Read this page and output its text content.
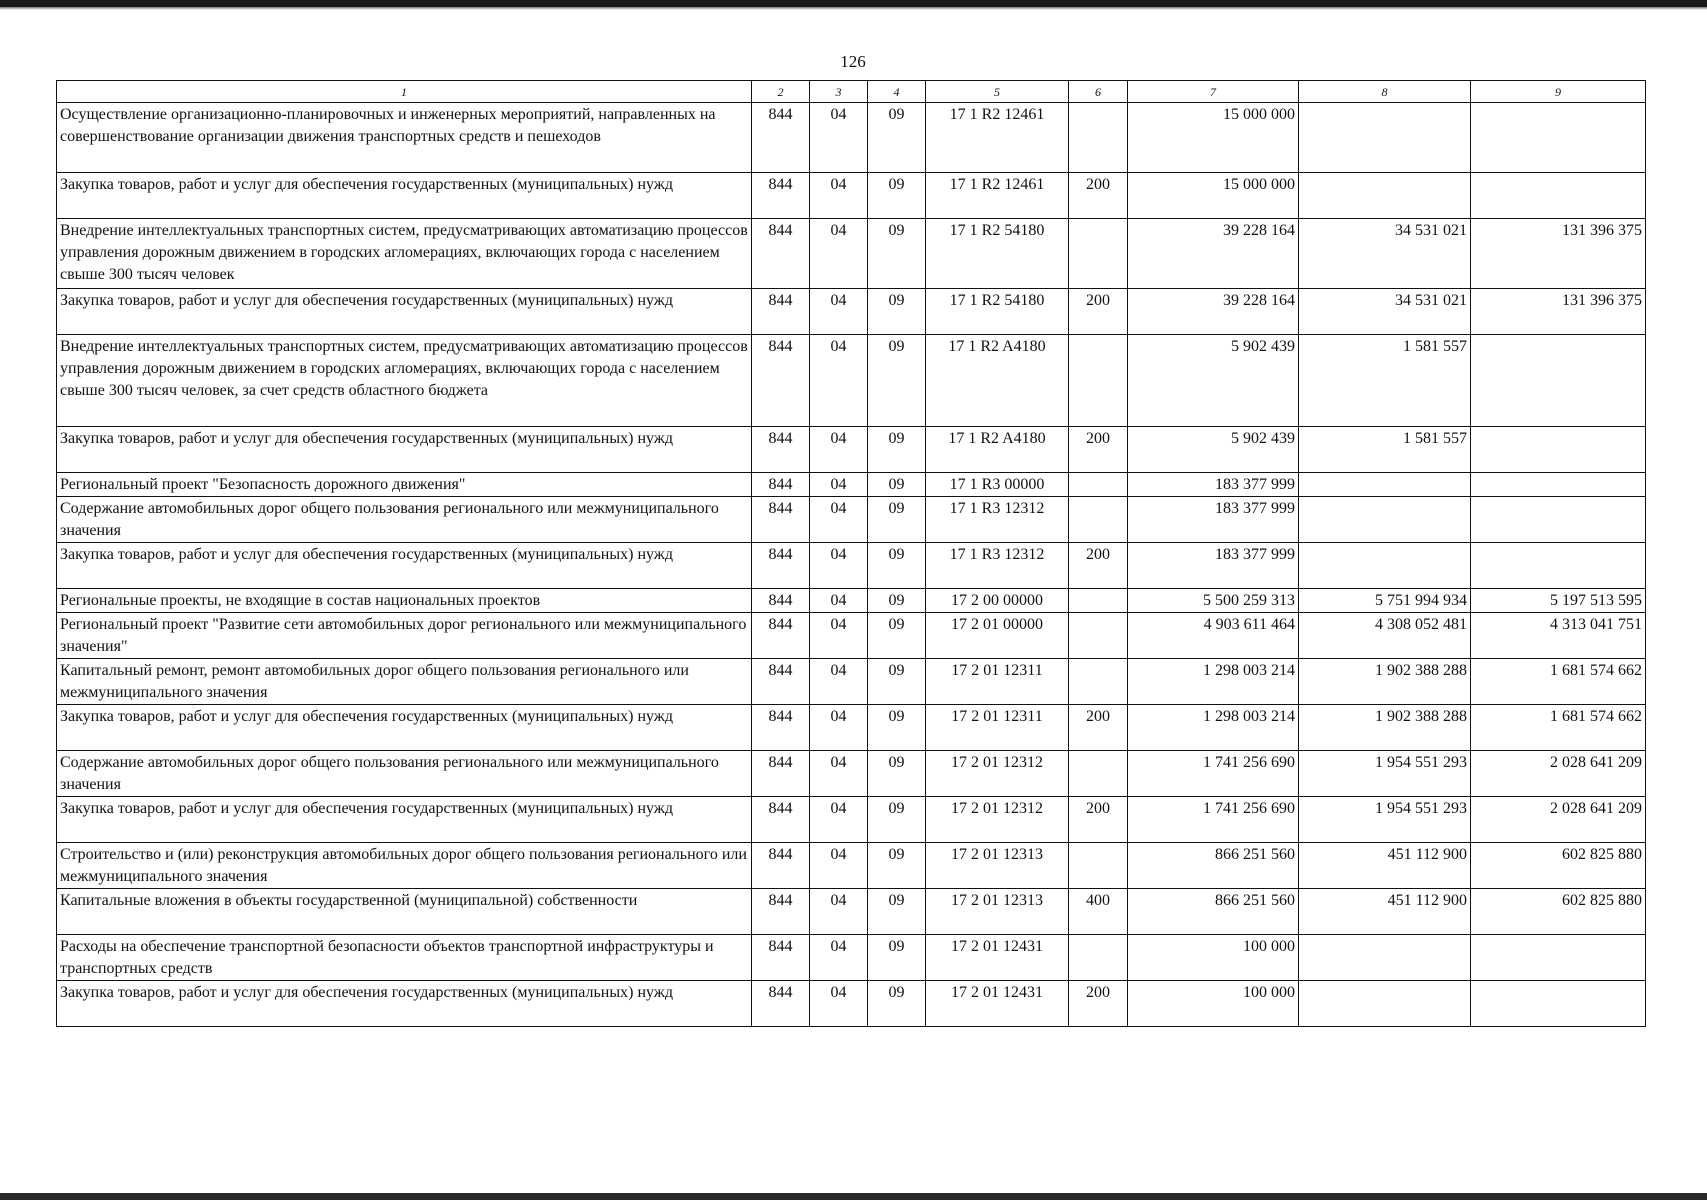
126
1	2	3	4	5	6	7	8	9
Осуществление организационно-планировочных и инженерных мероприятий, направленных на совершенствование организации движения транспортных средств и пешеходов	844	04	09	17 1 R2 12461		15 000 000		
Закупка товаров, работ и услуг для обеспечения государственных (муниципальных) нужд	844	04	09	17 1 R2 12461	200	15 000 000		
Внедрение интеллектуальных транспортных систем, предусматривающих автоматизацию процессов управления дорожным движением в городских агломерациях, включающих города с населением свыше 300 тысяч человек	844	04	09	17 1 R2 54180		39 228 164	34 531 021	131 396 375
Закупка товаров, работ и услуг для обеспечения государственных (муниципальных) нужд	844	04	09	17 1 R2 54180	200	39 228 164	34 531 021	131 396 375
Внедрение интеллектуальных транспортных систем, предусматривающих автоматизацию процессов управления дорожным движением в городских агломерациях, включающих города с населением свыше 300 тысяч человек, за счет средств областного бюджета	844	04	09	17 1 R2 A4180		5 902 439	1 581 557	
Закупка товаров, работ и услуг для обеспечения государственных (муниципальных) нужд	844	04	09	17 1 R2 A4180	200	5 902 439	1 581 557	
Региональный проект "Безопасность дорожного движения"	844	04	09	17 1 R3 00000		183 377 999		
Содержание автомобильных дорог общего пользования регионального или межмуниципального значения	844	04	09	17 1 R3 12312		183 377 999		
Закупка товаров, работ и услуг для обеспечения государственных (муниципальных) нужд	844	04	09	17 1 R3 12312	200	183 377 999		
Региональные проекты, не входящие в состав национальных проектов	844	04	09	17 2 00 00000		5 500 259 313	5 751 994 934	5 197 513 595
Региональный проект "Развитие сети автомобильных дорог регионального или межмуниципального значения"	844	04	09	17 2 01 00000		4 903 611 464	4 308 052 481	4 313 041 751
Капитальный ремонт, ремонт автомобильных дорог общего пользования регионального или межмуниципального значения	844	04	09	17 2 01 12311		1 298 003 214	1 902 388 288	1 681 574 662
Закупка товаров, работ и услуг для обеспечения государственных (муниципальных) нужд	844	04	09	17 2 01 12311	200	1 298 003 214	1 902 388 288	1 681 574 662
Содержание автомобильных дорог общего пользования регионального или межмуниципального значения	844	04	09	17 2 01 12312		1 741 256 690	1 954 551 293	2 028 641 209
Закупка товаров, работ и услуг для обеспечения государственных (муниципальных) нужд	844	04	09	17 2 01 12312	200	1 741 256 690	1 954 551 293	2 028 641 209
Строительство и (или) реконструкция автомобильных дорог общего пользования регионального или межмуниципального значения	844	04	09	17 2 01 12313		866 251 560	451 112 900	602 825 880
Капитальные вложения в объекты государственной (муниципальной) собственности	844	04	09	17 2 01 12313	400	866 251 560	451 112 900	602 825 880
Расходы на обеспечение транспортной безопасности объектов транспортной инфраструктуры и транспортных средств	844	04	09	17 2 01 12431		100 000		
Закупка товаров, работ и услуг для обеспечения государственных (муниципальных) нужд	844	04	09	17 2 01 12431	200	100 000		
